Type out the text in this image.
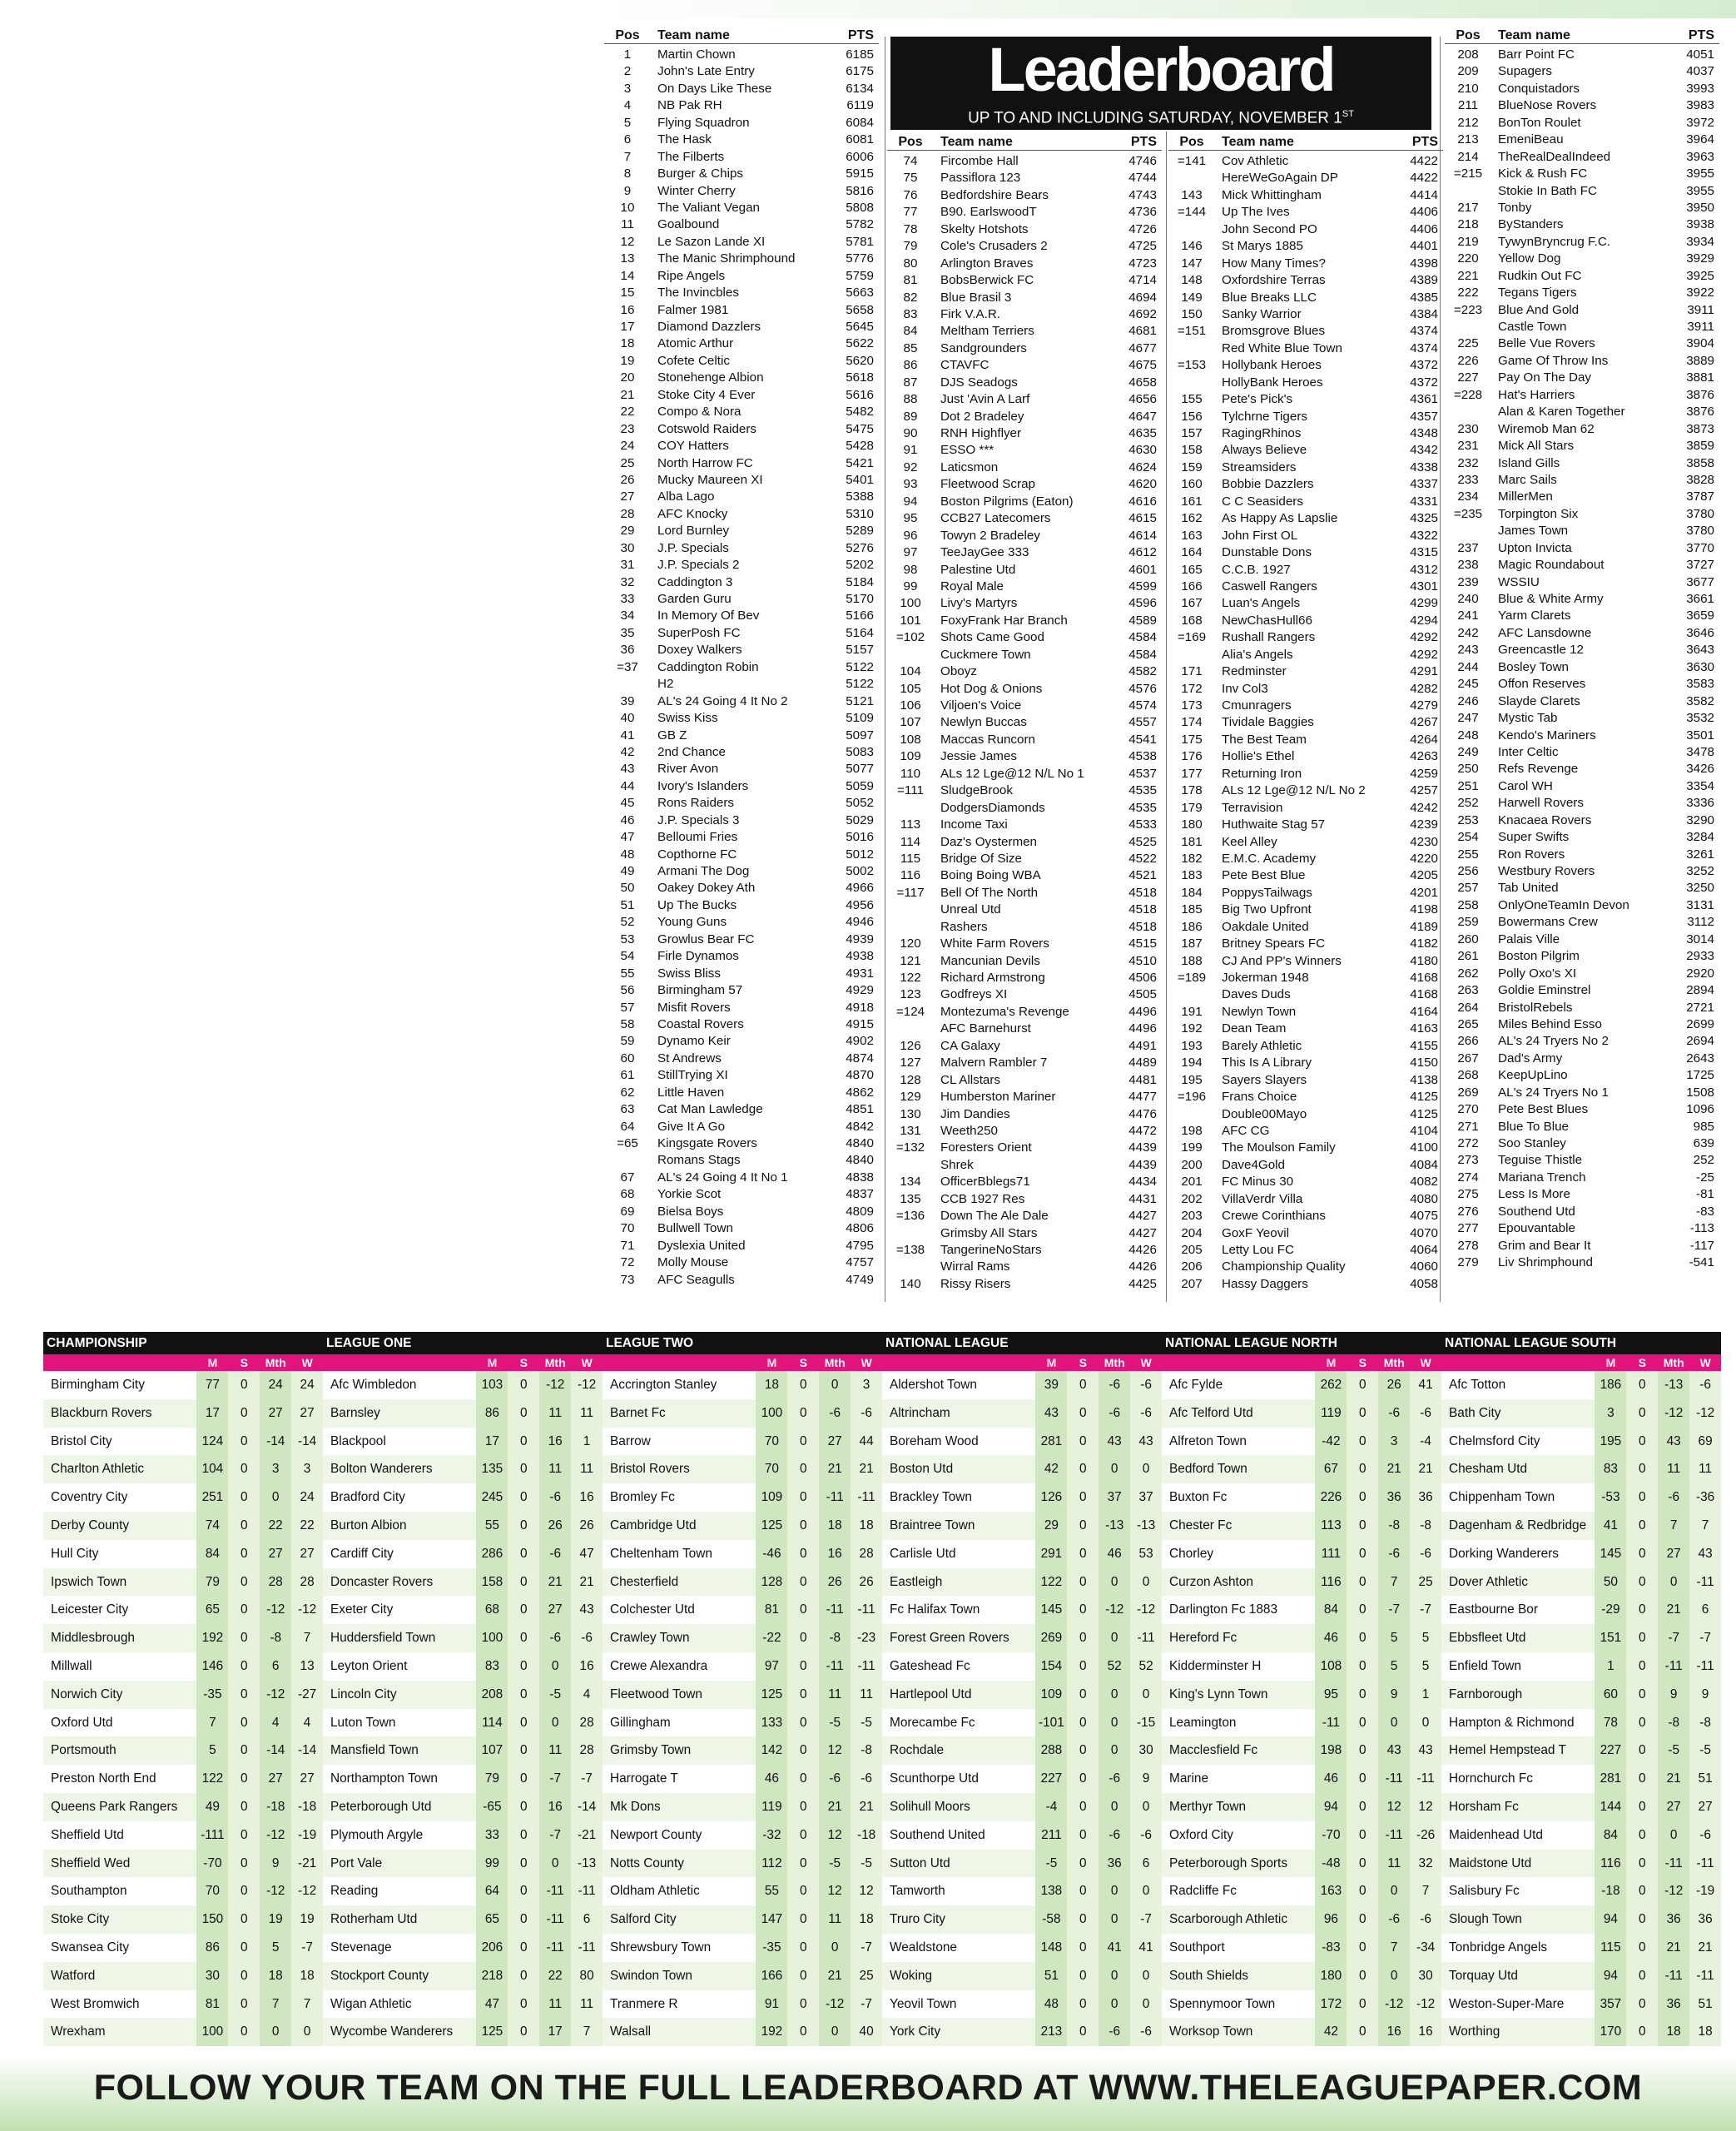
Pos	Team name	PTS
1	Martin Chown	6185
2	John's Late Entry	6175
3	On Days Like These	6134
4	NB Pak RH	6119
5	Flying Squadron	6084
6	The Hask	6081
7	The Filberts	6006
8	Burger & Chips	5915
9	Winter Cherry	5816
10	The Valiant Vegan	5808
11	Goalbound	5782
12	Le Sazon Lande XI	5781
13	The Manic Shrimphound	5776
14	Ripe Angels	5759
15	The Invincbles	5663
16	Falmer 1981	5658
17	Diamond Dazzlers	5645
18	Atomic Arthur	5622
19	Cofete Celtic	5620
20	Stonehenge Albion	5618
21	Stoke City 4 Ever	5616
22	Compo & Nora	5482
23	Cotswold Raiders	5475
24	COY Hatters	5428
25	North Harrow FC	5421
26	Mucky Maureen XI	5401
27	Alba Lago	5388
28	AFC Knocky	5310
29	Lord Burnley	5289
30	J.P. Specials	5276
31	J.P. Specials 2	5202
32	Caddington 3	5184
33	Garden Guru	5170
34	In Memory Of Bev	5166
35	SuperPosh FC	5164
36	Doxey Walkers	5157
=37	Caddington Robin	5122
H2	5122
39	AL's 24 Going 4 It No 2	5121
40	Swiss Kiss	5109
41	GB Z	5097
42	2nd Chance	5083
43	River Avon	5077
44	Ivory's Islanders	5059
45	Rons Raiders	5052
46	J.P. Specials 3	5029
47	Belloumi Fries	5016
48	Copthorne FC	5012
49	Armani The Dog	5002
50	Oakey Dokey Ath	4966
51	Up The Bucks	4956
52	Young Guns	4946
53	Growlus Bear FC	4939
54	Firle Dynamos	4938
55	Swiss Bliss	4931
56	Birmingham 57	4929
57	Misfit Rovers	4918
58	Coastal Rovers	4915
59	Dynamo Keir	4902
60	St Andrews	4874
61	StillTrying XI	4870
62	Little Haven	4862
63	Cat Man Lawledge	4851
64	Give It A Go	4842
=65	Kingsgate Rovers	4840
Romans Stags	4840
67	AL's 24 Going 4 It No 1	4838
68	Yorkie Scot	4837
69	Bielsa Boys	4809
70	Bullwell Town	4806
71	Dyslexia United	4795
72	Molly Mouse	4757
73	AFC Seagulls	4749
Leaderboard
UP TO AND INCLUDING SATURDAY, NOVEMBER 1ST
Pos	Team name	PTS
74	Fircombe Hall	4746
75	Passiflora 123	4744
76	Bedfordshire Bears	4743
77	B90. EarlswoodT	4736
78	Skelty Hotshots	4726
79	Cole's Crusaders 2	4725
80	Arlington Braves	4723
81	BobsBerwick FC	4714
82	Blue Brasil 3	4694
83	Firk V.A.R.	4692
84	Meltham Terriers	4681
85	Sandgrounders	4677
86	CTAVFC	4675
87	DJS Seadogs	4658
88	Just 'Avin A Larf	4656
89	Dot 2 Bradeley	4647
90	RNH Highflyer	4635
91	ESSO ***	4630
92	Laticsmon	4624
93	Fleetwood Scrap	4620
94	Boston Pilgrims (Eaton)	4616
95	CCB27 Latecomers	4615
96	Towyn 2 Bradeley	4614
97	TeeJayGee 333	4612
98	Palestine Utd	4601
99	Royal Male	4599
100	Livy's Martyrs	4596
101	FoxyFrank Har Branch	4589
=102	Shots Came Good	4584
Cuckmere Town	4584
104	Oboyz	4582
105	Hot Dog & Onions	4576
106	Viljoen's Voice	4574
107	Newlyn Buccas	4557
108	Maccas Runcorn	4541
109	Jessie James	4538
110	ALs 12 Lge@12 N/L No 1	4537
=111	SludgeBrook	4535
DodgersDiamonds	4535
113	Income Taxi	4533
114	Daz's Oystermen	4525
115	Bridge Of Size	4522
116	Boing Boing WBA	4521
=117	Bell Of The North	4518
Unreal Utd	4518
Rashers	4518
120	White Farm Rovers	4515
121	Mancunian Devils	4510
122	Richard Armstrong	4506
123	Godfreys XI	4505
=124	Montezuma's Revenge	4496
AFC Barnehurst	4496
126	CA Galaxy	4491
127	Malvern Rambler 7	4489
128	CL Allstars	4481
129	Humberston Mariner	4477
130	Jim Dandies	4476
131	Weeth250	4472
=132	Foresters Orient	4439
Shrek	4439
134	OfficerBblegs71	4434
135	CCB 1927 Res	4431
=136	Down The Ale Dale	4427
Grimsby All Stars	4427
=138	TangerineNoStars	4426
Wirral Rams	4426
140	Rissy Risers	4425
Pos	Team name	PTS
=141	Cov Athletic	4422
HereWeGoAgain DP	4422
143	Mick Whittingham	4414
=144	Up The Ives	4406
John Second PO	4406
146	St Marys 1885	4401
147	How Many Times?	4398
148	Oxfordshire Terras	4389
149	Blue Breaks LLC	4385
150	Sanky Warrior	4384
=151	Bromsgrove Blues	4374
Red White Blue Town	4374
=153	Hollybank Heroes	4372
HollyBank Heroes	4372
155	Pete's Pick's	4361
156	Tylchrne Tigers	4357
157	RagingRhinos	4348
158	Always Believe	4342
159	Streamsiders	4338
160	Bobbie Dazzlers	4337
161	C C Seasiders	4331
162	As Happy As Lapslie	4325
163	John First OL	4322
164	Dunstable Dons	4315
165	C.C.B. 1927	4312
166	Caswell Rangers	4301
167	Luan's Angels	4299
168	NewChasHull66	4294
=169	Rushall Rangers	4292
Alia's Angels	4292
171	Redminster	4291
172	Inv Col3	4282
173	Cmunragers	4279
174	Tividale Baggies	4267
175	The Best Team	4264
176	Hollie's Ethel	4263
177	Returning Iron	4259
178	ALs 12 Lge@12 N/L No 2	4257
179	Terravision	4242
180	Huthwaite Stag 57	4239
181	Keel Alley	4230
182	E.M.C. Academy	4220
183	Pete Best Blue	4205
184	PoppysTailwags	4201
185	Big Two Upfront	4198
186	Oakdale United	4189
187	Britney Spears FC	4182
188	CJ And PP's Winners	4180
=189	Jokerman 1948	4168
Daves Duds	4168
191	Newlyn Town	4164
192	Dean Team	4163
193	Barely Athletic	4155
194	This Is A Library	4150
195	Sayers Slayers	4138
=196	Frans Choice	4125
Double00Mayo	4125
198	AFC CG	4104
199	The Moulson Family	4100
200	Dave4Gold	4084
201	FC Minus 30	4082
202	VillaVerdr Villa	4080
203	Crewe Corinthians	4075
204	GoxF Yeovil	4070
205	Letty Lou FC	4064
206	Championship Quality	4060
207	Hassy Daggers	4058
Pos	Team name	PTS
208	Barr Point FC	4051
209	Supagers	4037
210	Conquistadors	3993
211	BlueNose Rovers	3983
212	BonTon Roulet	3972
213	EmeniBeau	3964
214	TheRealDealIndeed	3963
=215	Kick & Rush FC	3955
Stokie In Bath FC	3955
217	Tonby	3950
218	ByStanders	3938
219	TywynBryncrug F.C.	3934
220	Yellow Dog	3929
221	Rudkin Out FC	3925
222	Tegans Tigers	3922
=223	Blue And Gold	3911
Castle Town	3911
225	Belle Vue Rovers	3904
226	Game Of Throw Ins	3889
227	Pay On The Day	3881
=228	Hat's Harriers	3876
Alan & Karen Together	3876
230	Wiremob Man 62	3873
231	Mick All Stars	3859
232	Island Gills	3858
233	Marc Sails	3828
234	MillerMen	3787
=235	Torpington Six	3780
James Town	3780
237	Upton Invicta	3770
238	Magic Roundabout	3727
239	WSSIU	3677
240	Blue & White Army	3661
241	Yarm Clarets	3659
242	AFC Lansdowne	3646
243	Greencastle 12	3643
244	Bosley Town	3630
245	Offon Reserves	3583
246	Slayde Clarets	3582
247	Mystic Tab	3532
248	Kendo's Mariners	3501
249	Inter Celtic	3478
250	Refs Revenge	3426
251	Carol WH	3354
252	Harwell Rovers	3336
253	Knacaea Rovers	3290
254	Super Swifts	3284
255	Ron Rovers	3261
256	Westbury Rovers	3252
257	Tab United	3250
258	OnlyOneTeamIn Devon	3131
259	Bowermans Crew	3112
260	Palais Ville	3014
261	Boston Pilgrim	2933
262	Polly Oxo's XI	2920
263	Goldie Eminstrel	2894
264	BristolRebels	2721
265	Miles Behind Esso	2699
266	AL's 24 Tryers No 2	2694
267	Dad's Army	2643
268	KeepUpLino	1725
269	AL's 24 Tryers No 1	1508
270	Pete Best Blues	1096
271	Blue To Blue	985
272	Soo Stanley	639
273	Teguise Thistle	252
274	Mariana Trench	-25
275	Less Is More	-81
276	Southend Utd	-83
277	Epouvantable	-113
278	Grim and Bear It	-117
279	Liv Shrimphound	-541
CHAMPIONSHIP
M	S	Mth	W
Birmingham City	77	0	24	24
Blackburn Rovers	17	0	27	27
Bristol City	124	0	-14	-14
Charlton Athletic	104	0	3	3
Coventry City	251	0	0	24
Derby County	74	0	22	22
Hull City	84	0	27	27
Ipswich Town	79	0	28	28
Leicester City	65	0	-12	-12
Middlesbrough	192	0	-8	7
Millwall	146	0	6	13
Norwich City	-35	0	-12	-27
Oxford Utd	7	0	4	4
Portsmouth	5	0	-14	-14
Preston North End	122	0	27	27
Queens Park Rangers	49	0	-18	-18
Sheffield Utd	-111	0	-12	-19
Sheffield Wed	-70	0	9	-21
Southampton	70	0	-12	-12
Stoke City	150	0	19	19
Swansea City	86	0	5	-7
Watford	30	0	18	18
West Bromwich	81	0	7	7
Wrexham	100	0	0	0
LEAGUE ONE
M	S	Mth	W
Afc Wimbledon	103	0	-12	-12
Barnsley	86	0	11	11
Blackpool	17	0	16	1
Bolton Wanderers	135	0	11	11
Bradford City	245	0	-6	16
Burton Albion	55	0	26	26
Cardiff City	286	0	-6	47
Doncaster Rovers	158	0	21	21
Exeter City	68	0	27	43
Huddersfield Town	100	0	-6	-6
Leyton Orient	83	0	0	16
Lincoln City	208	0	-5	4
Luton Town	114	0	0	28
Mansfield Town	107	0	11	28
Northampton Town	79	0	-7	-7
Peterborough Utd	-65	0	16	-14
Plymouth Argyle	33	0	-7	-21
Port Vale	99	0	0	-13
Reading	64	0	-11	-11
Rotherham Utd	65	0	-11	6
Stevenage	206	0	-11	-11
Stockport County	218	0	22	80
Wigan Athletic	47	0	11	11
Wycombe Wanderers	125	0	17	7
LEAGUE TWO
M	S	Mth	W
Accrington Stanley	18	0	0	3
Barnet Fc	100	0	-6	-6
Barrow	70	0	27	44
Bristol Rovers	70	0	21	21
Bromley Fc	109	0	-11	-11
Cambridge Utd	125	0	18	18
Cheltenham Town	-46	0	16	28
Chesterfield	128	0	26	26
Colchester Utd	81	0	-11	-11
Crawley Town	-22	0	-8	-23
Crewe Alexandra	97	0	-11	-11
Fleetwood Town	125	0	11	11
Gillingham	133	0	-5	-5
Grimsby Town	142	0	12	-8
Harrogate T	46	0	-6	-6
Mk Dons	119	0	21	21
Newport County	-32	0	12	-18
Notts County	112	0	-5	-5
Oldham Athletic	55	0	12	12
Salford City	147	0	11	18
Shrewsbury Town	-35	0	0	-7
Swindon Town	166	0	21	25
Tranmere R	91	0	-12	-7
Walsall	192	0	0	40
NATIONAL LEAGUE
M	S	Mth	W
Aldershot Town	39	0	-6	-6
Altrincham	43	0	-6	-6
Boreham Wood	281	0	43	43
Boston Utd	42	0	0	0
Brackley Town	126	0	37	37
Braintree Town	29	0	-13	-13
Carlisle Utd	291	0	46	53
Eastleigh	122	0	0	0
Fc Halifax Town	145	0	-12	-12
Forest Green Rovers	269	0	0	-11
Gateshead Fc	154	0	52	52
Hartlepool Utd	109	0	0	0
Morecambe Fc	-101	0	0	-15
Rochdale	288	0	0	30
Scunthorpe Utd	227	0	-6	9
Solihull Moors	-4	0	0	0
Southend United	211	0	-6	-6
Sutton Utd	-5	0	36	6
Tamworth	138	0	0	0
Truro City	-58	0	0	-7
Wealdstone	148	0	41	41
Woking	51	0	0	0
Yeovil Town	48	0	0	0
York City	213	0	-6	-6
NATIONAL LEAGUE NORTH
M	S	Mth	W
Afc Fylde	262	0	26	41
Afc Telford Utd	119	0	-6	-6
Alfreton Town	-42	0	3	-4
Bedford Town	67	0	21	21
Buxton Fc	226	0	36	36
Chester Fc	113	0	-8	-8
Chorley	111	0	-6	-6
Curzon Ashton	116	0	7	25
Darlington Fc 1883	84	0	-7	-7
Hereford Fc	46	0	5	5
Kidderminster H	108	0	5	5
King's Lynn Town	95	0	9	1
Leamington	-11	0	0	0
Macclesfield Fc	198	0	43	43
Marine	46	0	-11	-11
Merthyr Town	94	0	12	12
Oxford City	-70	0	-11	-26
Peterborough Sports	-48	0	11	32
Radcliffe Fc	163	0	0	7
Scarborough Athletic	96	0	-6	-6
Southport	-83	0	7	-34
South Shields	180	0	0	30
Spennymoor Town	172	0	-12	-12
Worksop Town	42	0	16	16
NATIONAL LEAGUE SOUTH
M	S	Mth	W
Afc Totton	186	0	-13	-6
Bath City	3	0	-12	-12
Chelmsford City	195	0	43	69
Chesham Utd	83	0	11	11
Chippenham Town	-53	0	-6	-36
Dagenham & Redbridge	41	0	7	7
Dorking Wanderers	145	0	27	43
Dover Athletic	50	0	0	-11
Eastbourne Bor	-29	0	21	6
Ebbsfleet Utd	151	0	-7	-7
Enfield Town	1	0	-11	-11
Farnborough	60	0	9	9
Hampton & Richmond	78	0	-8	-8
Hemel Hempstead T	227	0	-5	-5
Hornchurch Fc	281	0	21	51
Horsham Fc	144	0	27	27
Maidenhead Utd	84	0	0	-6
Maidstone Utd	116	0	-11	-11
Salisbury Fc	-18	0	-12	-19
Slough Town	94	0	36	36
Tonbridge Angels	115	0	21	21
Torquay Utd	94	0	-11	-11
Weston-Super-Mare	357	0	36	51
Worthing	170	0	18	18
FOLLOW YOUR TEAM ON THE FULL LEADERBOARD AT WWW.THELEAGUEPAPER.COM
